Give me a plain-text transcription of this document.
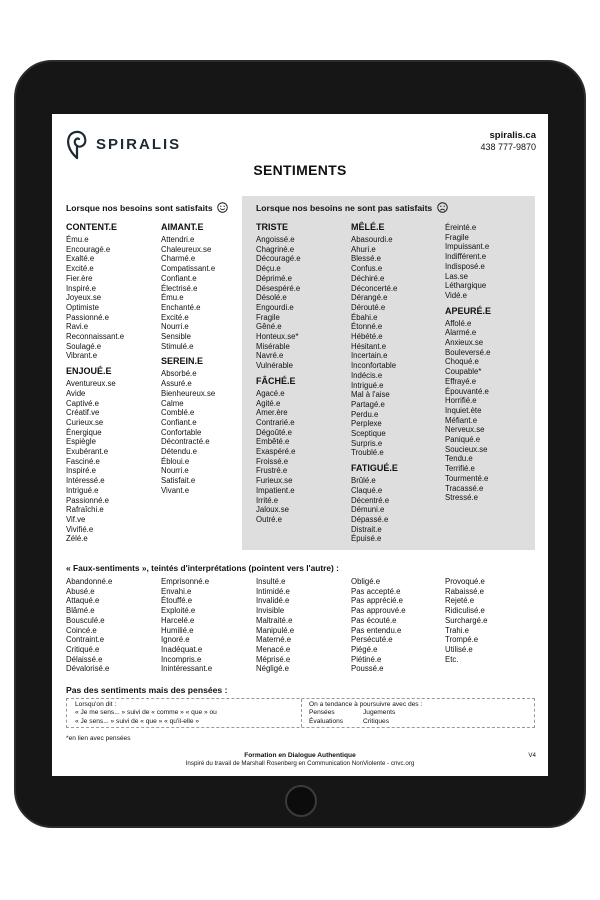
SPIRALIS
spiralis.ca
438 777-9870
SENTIMENTS
Lorsque nos besoins sont satisfaits	Lorsque nos besoins ne sont pas satisfaits
CONTENT.E
Ému.e
Encouragé.e
Exalté.e
Excité.e
Fier.ère
Inspiré.e
Joyeux.se
Optimiste
Passionné.e
Ravi.e
Reconnaissant.e
Soulagé.e
Vibrant.e
ENJOUÉ.E
Aventureux.se
Avide
Captivé.e
Créatif.ve
Curieux.se
Énergique
Espiègle
Exubérant.e
Fasciné.e
Inspiré.e
Intéressé.e
Intrigué.e
Passionné.e
Rafraîchi.e
Vif.ve
Vivifié.e
Zélé.e
AIMANT.E
Attendri.e
Chaleureux.se
Charmé.e
Compatissant.e
Confiant.e
Électrisé.e
Ému.e
Enchanté.e
Excité.e
Nourri.e
Sensible
Stimulé.e
SEREIN.E
Absorbé.e
Assuré.e
Bienheureux.se
Calme
Comblé.e
Confiant.e
Confortable
Décontracté.e
Détendu.e
Ébloui.e
Nourri.e
Satisfait.e
Vivant.e
TRISTE
Angoissé.e
Chagriné.e
Découragé.e
Déçu.e
Déprimé.e
Désespéré.e
Désolé.e
Engourdi.e
Fragile
Gêné.e
Honteux.se*
Misérable
Navré.e
Vulnérable
FÂCHÉ.E
Agacé.e
Agité.e
Amer.ère
Contrarié.e
Dégoûté.e
Embêté.e
Exaspéré.e
Froissé.e
Frustré.e
Furieux.se
Impatient.e
Irrité.e
Jaloux.se
Outré.e
MÊLÉ.E
Abasourdi.e
Ahuri.e
Blessé.e
Confus.e
Déchiré.e
Déconcerté.e
Dérangé.e
Dérouté.e
Ébahi.e
Étonné.e
Hébété.e
Hésitant.e
Incertain.e
Inconfortable
Indécis.e
Intrigué.e
Mal à l'aise
Partagé.e
Perdu.e
Perplexe
Sceptique
Surpris.e
Troublé.e
FATIGUÉ.E
Brûlé.e
Claqué.e
Décentré.e
Démuni.e
Dépassé.e
Distrait.e
Épuisé.e
Éreinté.e
Fragile
Impuissant.e
Indifférent.e
Indisposé.e
Las.se
Léthargique
Vidé.e
APEURÉ.E
Affolé.e
Alarmé.e
Anxieux.se
Bouleversé.e
Choqué.e
Coupable*
Effrayé.e
Épouvanté.e
Horrifié.e
Inquiet.ète
Méfiant.e
Nerveux.se
Paniqué.e
Soucieux.se
Tendu.e
Terrifié.e
Tourmenté.e
Tracassé.e
Stressé.e
« Faux-sentiments », teintés d'interprétations (pointent vers l'autre) :
Abandonné.e
Abusé.e
Attaqué.e
Blâmé.e
Bousculé.e
Coincé.e
Contraint.e
Critiqué.e
Délaissé.e
Dévalorisé.e
Emprisonné.e
Envahi.e
Étouffé.e
Exploité.e
Harcelé.e
Humilié.e
Ignoré.e
Inadéquat.e
Incompris.e
Inintéressant.e
Insulté.e
Intimidé.e
Invalidé.e
Invisible
Maltraité.e
Manipulé.e
Materné.e
Menacé.e
Méprisé.e
Négligé.e
Obligé.e
Pas accepté.e
Pas apprécié.e
Pas approuvé.e
Pas écouté.e
Pas entendu.e
Persécuté.e
Piégé.e
Piétiné.e
Poussé.e
Provoqué.e
Rabaissé.e
Rejeté.e
Ridiculisé.e
Surchargé.e
Trahi.e
Trompé.e
Utilisé.e
Etc.
Pas des sentiments mais des pensées :
Lorsqu'on dit :
« Je me sens... » suivi de « comme » « que » ou
« Je sens... » suivi de « que » « qu'il-elle »
On a tendance à poursuivre avec des :
Pensées
Évaluations
Jugements
Critiques
*en lien avec pensées
Formation en Dialogue Authentique
Inspiré du travail de Marshall Rosenberg en Communication NonViolente - cnvc.org
V4
